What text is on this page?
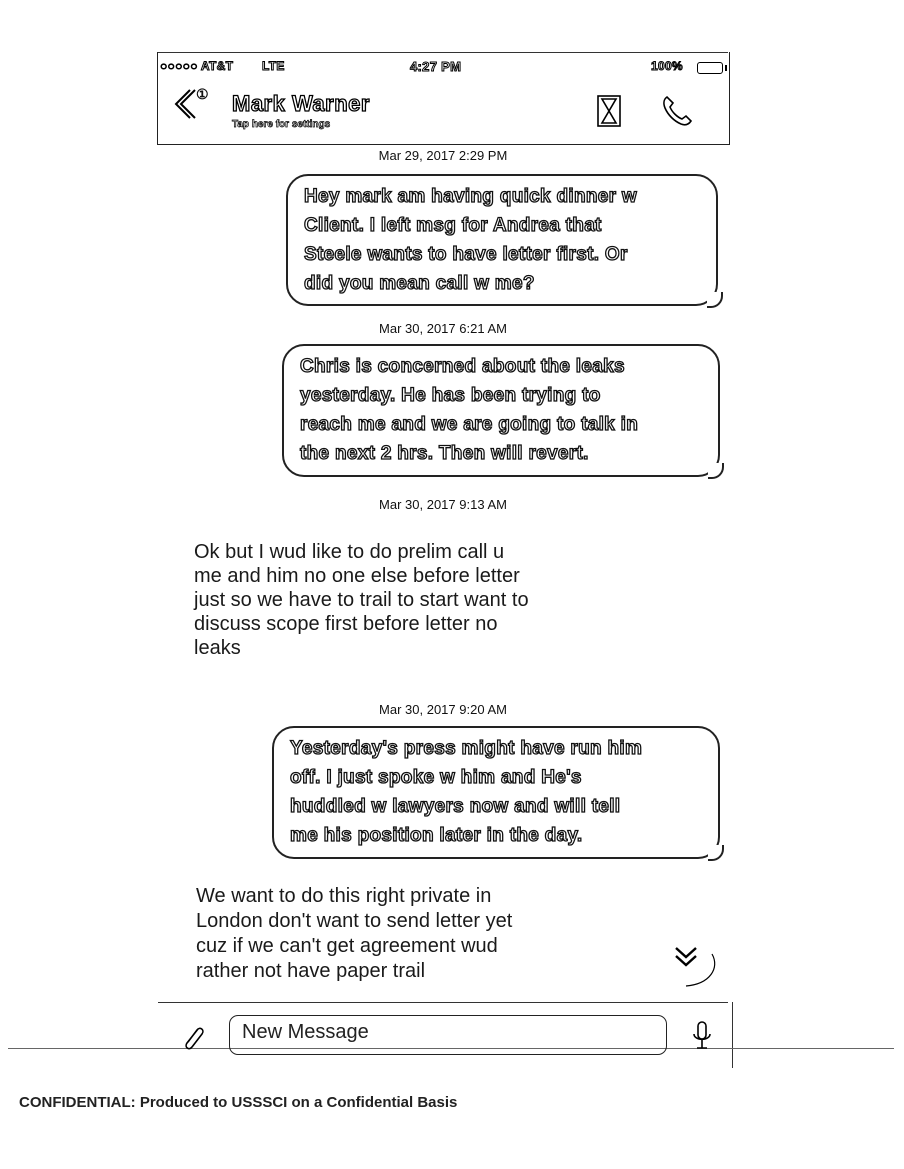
○○○○○ AT&T LTE	4:27 PM	100%
① Mark Warner
Tap here for settings
Mar 29, 2017 2:29 PM
Hey mark am having quick dinner w
Client. I left msg for Andrea that
Steele wants to have letter first. Or
did you mean call w me?
Mar 30, 2017 6:21 AM
Chris is concerned about the leaks
yesterday. He has been trying to
reach me and we are going to talk in
the next 2 hrs. Then will revert.
Mar 30, 2017 9:13 AM
Ok but I wud like to do prelim call u
me and him no one else before letter
just so we have to trail to start want to
discuss scope first before letter no
leaks
Mar 30, 2017 9:20 AM
Yesterday's press might have run him
off. I just spoke w him and He's
huddled w lawyers now and will tell
me his position later in the day.
We want to do this right private in
London don't want to send letter yet
cuz if we can't get agreement wud
rather not have paper trail
New Message
CONFIDENTIAL: Produced to USSSCI on a Confidential Basis
